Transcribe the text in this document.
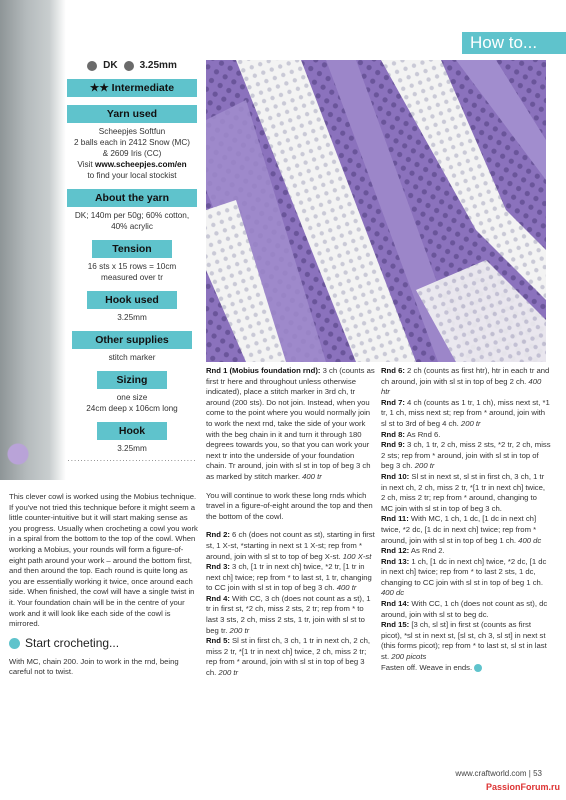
How to...
DK 3.25mm
★★ Intermediate
Yarn used
Scheepjes Softfun
2 balls each in 2412 Snow (MC)
& 2609 Iris (CC)
Visit www.scheepjes.com/en
to find your local stockist
About the yarn
DK; 140m per 50g; 60% cotton,
40% acrylic
Tension
16 sts x 15 rows = 10cm
measured over tr
Hook used
3.25mm
Other supplies
stitch marker
Sizing
one size
24cm deep x 106cm long
Hook
3.25mm
........................................

This clever cowl is worked using the Mobius technique. If you've not tried this technique before it might seem a little counter-intuitive but it will start making sense as you progress. Usually when crocheting a cowl you work in a spiral from the bottom to the top of the cowl. When working a Mobius, your rounds will form a figure-of-eight path around your work – around the bottom first, and then around the top. Each round is quite long as you are essentially working it twice, once around each side. When finished, the cowl will have a single twist in it. Your foundation chain will be in the centre of your work and it will look like each side of the cowl is mirrored.

Start crocheting...

With MC, chain 200. Join to work in the rnd, being careful not to twist.

Rnd 1 (Mobius foundation rnd): 3 ch (counts as first tr here and throughout unless otherwise indicated), place a stitch marker in 3rd ch, tr around (200 sts). Do not join. Instead, when you come to the point where you would normally join to work the next rnd, take the side of your work with the beg chain in it and turn it through 180 degrees towards you, so that you can work your next tr into the underside of your foundation chain. Tr around, join with sl st in top of beg 3 ch as marked by stitch marker. 400 tr

You will continue to work these long rnds which travel in a figure-of-eight around the top and then the bottom of the cowl.

Rnd 2: 6 ch (does not count as st), starting in first st, 1 X-st, *starting in next st 1 X-st; rep from * around, join with sl st to top of beg X-st. 100 X-st
Rnd 3: 3 ch, [1 tr in next ch] twice, *2 tr, [1 tr in next ch] twice; rep from * to last st, 1 tr, changing to CC join with sl st in top of beg 3 ch. 400 tr
Rnd 4: With CC, 3 ch (does not count as a st), 1 tr in first st, *2 ch, miss 2 sts, 2 tr; rep from * to last 3 sts, 2 ch, miss 2 sts, 1 tr, join with sl st to beg tr. 200 tr
Rnd 5: Sl st in first ch, 3 ch, 1 tr in next ch, 2 ch, miss 2 tr, *[1 tr in next ch] twice, 2 ch, miss 2 tr; rep from * around, join with sl st in top of beg 3 ch. 200 tr
Rnd 6: 2 ch (counts as first htr), htr in each tr and ch around, join with sl st in top of beg 2 ch. 400 htr
Rnd 7: 4 ch (counts as 1 tr, 1 ch), miss next st, *1 tr, 1 ch, miss next st; rep from * around, join with sl st to 3rd of beg 4 ch. 200 tr
Rnd 8: As Rnd 6.
Rnd 9: 3 ch, 1 tr, 2 ch, miss 2 sts, *2 tr, 2 ch, miss 2 sts; rep from * around, join with sl st in top of beg 3 ch. 200 tr
Rnd 10: Sl st in next st, sl st in first ch, 3 ch, 1 tr in next ch, 2 ch, miss 2 tr, *[1 tr in next ch] twice, 2 ch, miss 2 tr; rep from * around, changing to MC join with sl st in top of beg 3 ch.
Rnd 11: With MC, 1 ch, 1 dc, [1 dc in next ch] twice, *2 dc, [1 dc in next ch] twice; rep from * around, join with sl st in top of beg 1 ch. 400 dc
Rnd 12: As Rnd 2.
Rnd 13: 1 ch, [1 dc in next ch] twice, *2 dc, [1 dc in next ch] twice; rep from * to last 2 sts, 1 dc, changing to CC join with sl st in top of beg 1 ch. 400 dc
Rnd 14: With CC, 1 ch (does not count as st), dc around, join with sl st to beg dc.
Rnd 15: [3 ch, sl st] in first st (counts as first picot), *sl st in next st, [sl st, ch 3, sl st] in next st (this forms picot); rep from * to last st, sl st in last st. 200 picots
Fasten off. Weave in ends.
www.craftworld.com | 53
PassionForum.ru
